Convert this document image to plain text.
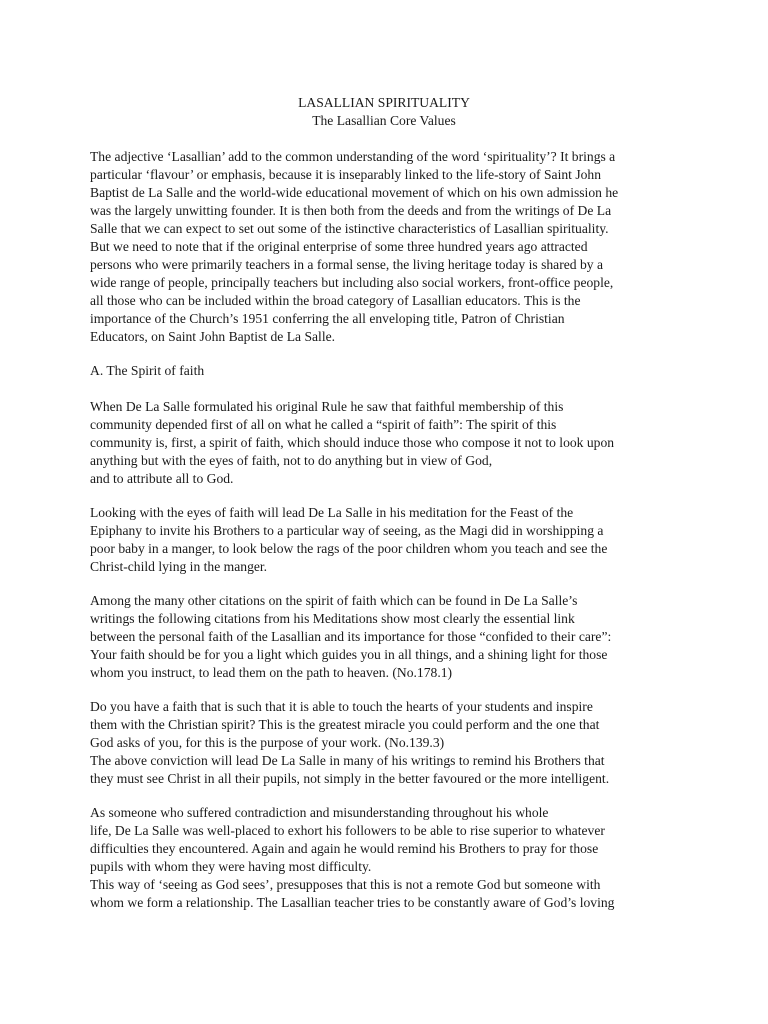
LASALLIAN SPIRITUALITY
The Lasallian Core Values
The adjective ‘Lasallian’ add to the common understanding of the word ‘spirituality’? It brings a
particular ‘flavour’ or emphasis, because it is inseparably linked to the life-story of Saint John
Baptist de La Salle and the world-wide educational movement of which on his own admission he
was the largely unwitting founder. It is then both from the deeds and from the writings of De La
Salle that we can expect to set out some of the istinctive characteristics of Lasallian spirituality.
But we need to note that if the original enterprise of some three hundred years ago attracted
persons who were primarily teachers in a formal sense, the living heritage today is shared by a
wide range of people, principally teachers but including also social workers, front-office people,
all those who can be included within the broad category of Lasallian educators. This is the
importance of the Church’s 1951 conferring the all enveloping title, Patron of Christian
Educators, on Saint John Baptist de La Salle.
A. The Spirit of faith
When De La Salle formulated his original Rule he saw that faithful membership of this
community depended first of all on what he called a “spirit of faith”: The spirit of this
community is, first, a spirit of faith, which should induce those who compose it not to look upon
anything but with the eyes of faith, not to do anything but in view of God,
and to attribute all to God.
Looking with the eyes of faith will lead De La Salle in his meditation for the Feast of the
Epiphany to invite his Brothers to a particular way of seeing, as the Magi did in worshipping a
poor baby in a manger, to look below the rags of the poor children whom you teach and see the
Christ-child lying in the manger.
Among the many other citations on the spirit of faith which can be found in De La Salle’s
writings the following citations from his Meditations show most clearly the essential link
between the personal faith of the Lasallian and its importance for those “confided to their care”:
Your faith should be for you a light which guides you in all things, and a shining light for those
whom you instruct, to lead them on the path to heaven. (No.178.1)
Do you have a faith that is such that it is able to touch the hearts of your students and inspire
them with the Christian spirit? This is the greatest miracle you could perform and the one that
God asks of you, for this is the purpose of your work. (No.139.3)
The above conviction will lead De La Salle in many of his writings to remind his Brothers that
they must see Christ in all their pupils, not simply in the better favoured or the more intelligent.
As someone who suffered contradiction and misunderstanding throughout his whole
life, De La Salle was well-placed to exhort his followers to be able to rise superior to whatever
difficulties they encountered. Again and again he would remind his Brothers to pray for those
pupils with whom they were having most difficulty.
This way of ‘seeing as God sees’, presupposes that this is not a remote God but someone with
whom we form a relationship. The Lasallian teacher tries to be constantly aware of God’s loving
